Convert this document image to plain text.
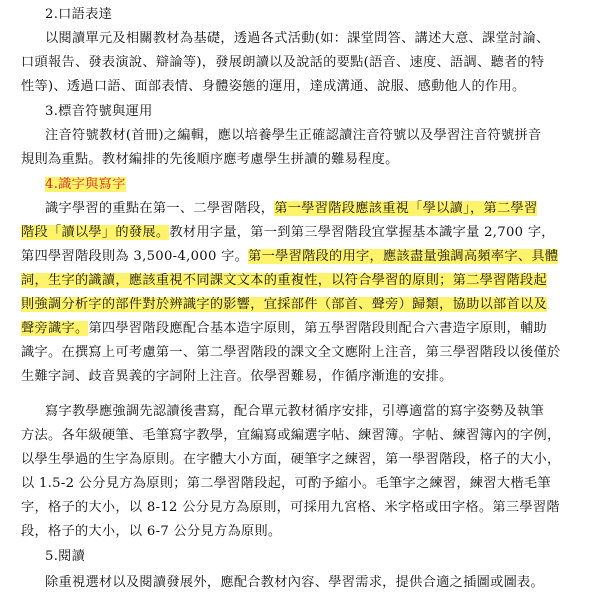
2.口語表達
以閱讀單元及相關教材為基礎，透過各式活動(如：課堂問答、講述大意、課堂討論、
口頭報告、發表演說、辯論等)，發展朗讀以及說話的要點(語音、速度、語調、聽者的特
性等)、透過口語、面部表情、身體姿態的運用，達成溝通、說服、感動他人的作用。
3.標音符號與運用
注音符號教材(首冊)之編輯，應以培養學生正確認讀注音符號以及學習注音符號拼音
規則為重點。教材編排的先後順序應考慮學生拼讀的難易程度。
4.識字與寫字
識字學習的重點在第一、二學習階段，第一學習階段應該重視「學以讀」，第二學習
階段「讀以學」的發展。教材用字量，第一到第三學習階段宜掌握基本識字量 2,700 字，
第四學習階段則為 3,500-4,000 字。第一學習階段的用字，應該盡量強調高頻率字、具體
詞，生字的識讀，應該重視不同課文文本的重複性，以符合學習的原則；第二學習階段起
則強調分析字的部件對於辨識字的影響，宜採部件（部首、聲旁）歸類，協助以部首以及
聲旁識字。第四學習階段應配合基本造字原則，第五學習階段則配合六書造字原則，輔助
識字。在撰寫上可考慮第一、第二學習階段的課文全文應附上注音，第三學習階段以後僅於
生難字詞、歧音異義的字詞附上注音。依學習難易，作循序漸進的安排。
寫字教學應強調先認讀後書寫，配合單元教材循序安排，引導適當的寫字姿勢及執筆
方法。各年級硬筆、毛筆寫字教學，宜編寫或編選字帖、練習簿。字帖、練習簿內的字例，
以學生學過的生字為原則。在字體大小方面，硬筆字之練習，第一學習階段，格子的大小，
以 1.5-2 公分見方為原則；第二學習階段起，可酌予縮小。毛筆字之練習，練習大楷毛筆
字，格子的大小，以 8-12 公分見方為原則，可採用九宮格、米字格或田字格。第三學習階
段，格子的大小，以 6-7 公分見方為原則。
5.閱讀
除重視選材以及閱讀發展外，應配合教材內容、學習需求，提供合適之插圖或圖表。
